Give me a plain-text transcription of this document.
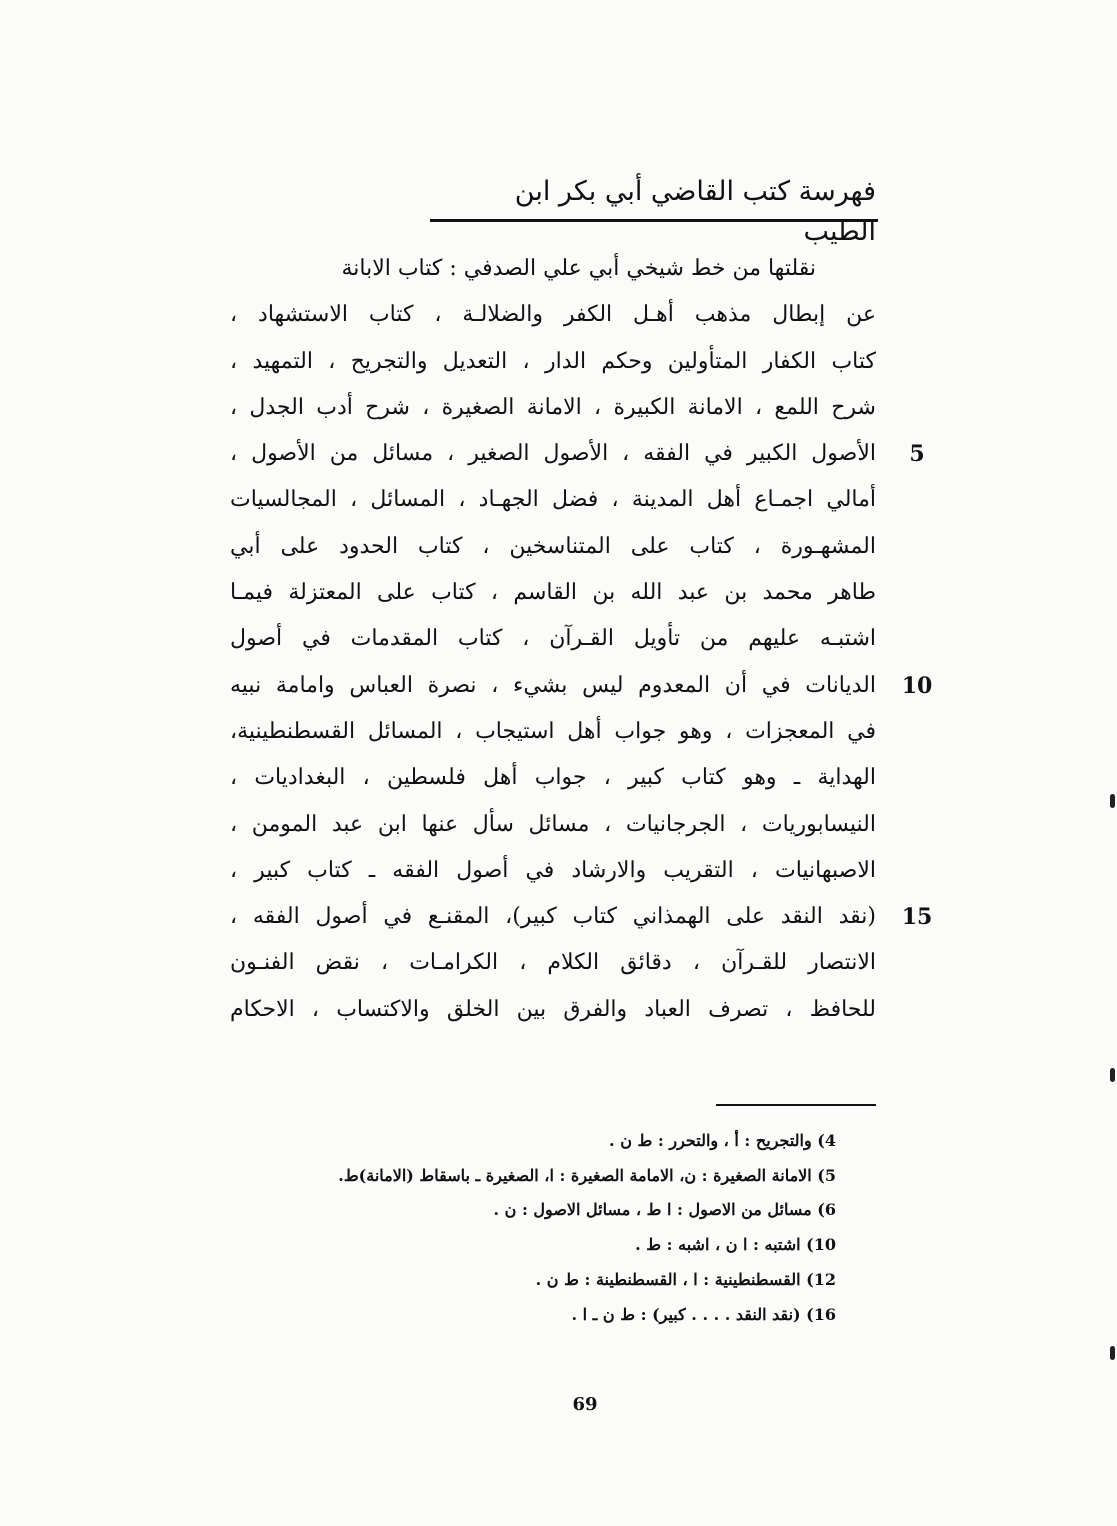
فهرسة كتب القاضي أبي بكر ابن الطيب
نقلتها من خط شيخي أبي علي الصدفي : كتاب الابانة
عن إبطال مذهب أهـل الكفر والضلالـة ، كتاب الاستشهاد ،
كتاب الكفار المتأولين وحكم الدار ، التعديل والتجريح ، التمهيد ،
شرح اللمع ، الامانة الكبيرة ، الامانة الصغيرة ، شرح أدب الجدل ،
الأصول الكبير في الفقه ، الأصول الصغير ، مسائل من الأصول ،
أمالي اجمـاع أهل المدينة ، فضل الجهـاد ، المسائل ، المجالسيات
المشهـورة ، كتاب على المتناسخين ، كتاب الحدود على أبي
طاهر محمد بن عبد الله بن القاسم ، كتاب على المعتزلة فيمـا
اشتبـه عليهم من تأويل القـرآن ، كتاب المقدمات في أصول
الديانات في أن المعدوم ليس بشيء ، نصرة العباس وامامة نبيه
في المعجزات ، وهو جواب أهل استيجاب ، المسائل القسطنطينية،
الهداية ـ وهو كتاب كبير ، جواب أهل فلسطين ، البغداديات ،
النيسابوريات ، الجرجانيات ، مسائل سأل عنها ابن عبد المومن ،
الاصبهانيات ، التقريب والارشاد في أصول الفقه ـ كتاب كبير ،
(نقد النقد على الهمذاني كتاب كبير)، المقنـع في أصول الفقه ،
الانتصار للقـرآن ، دقائق الكلام ، الكرامـات ، نقض الفنـون
للحافظ ، تصرف العباد والفرق بين الخلق والاكتساب ، الاحكام
5
10
15
4) والتجريح : أ ، والتحرر : ط ن .
5) الامانة الصغيرة : ن، الامامة الصغيرة : ا، الصغيرة ـ باسقاط (الامانة)ط.
6) مسائل من الاصول : ا ط ، مسائل الاصول : ن .
10) اشتبه : ا ن ، اشبه : ط .
12) القسطنطينية : ا ، القسطنطينة : ط ن .
16) (نقد النقد . . . . كبير) : ط ن ـ ا .
69
